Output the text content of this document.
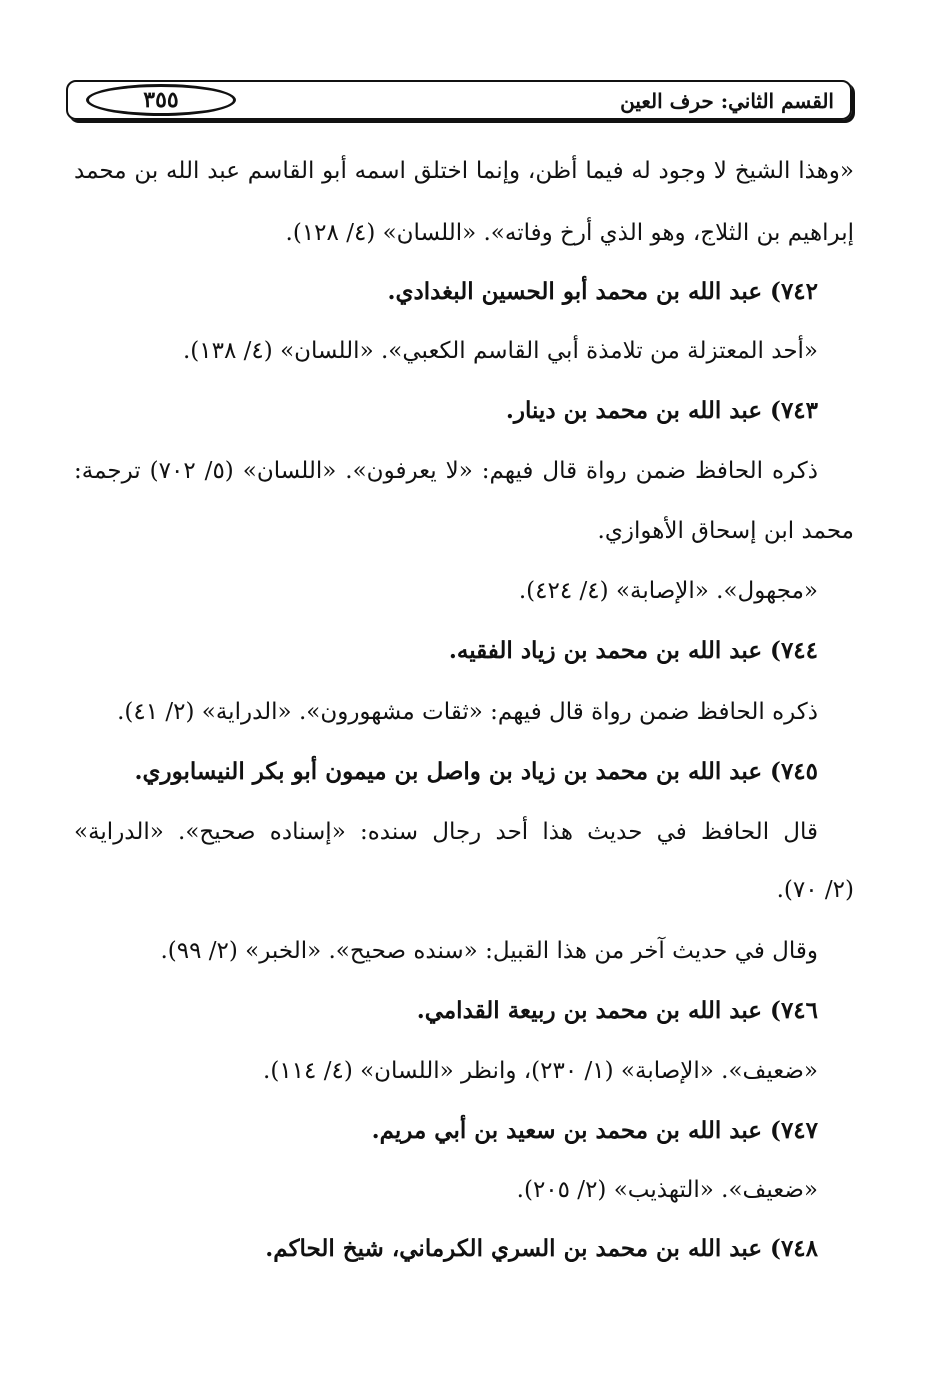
القسم الثاني: حرف العين
٣٥٥
«وهذا الشيخ لا وجود له فيما أظن، وإنما اختلق اسمه أبو القاسم عبد الله بن محمد
إبراهيم بن الثلاج، وهو الذي أرخ وفاته». «اللسان» (٤/ ١٢٨).
٧٤٢) عبد الله بن محمد أبو الحسين البغدادي.
«أحد المعتزلة من تلامذة أبي القاسم الكعبي». «اللسان» (٤/ ١٣٨).
٧٤٣) عبد الله بن محمد بن دينار.
ذكره الحافظ ضمن رواة قال فيهم: «لا يعرفون». «اللسان» (٥/ ٧٠٢) ترجمة:
محمد ابن إسحاق الأهوازي.
«مجهول». «الإصابة» (٤/ ٤٢٤).
٧٤٤) عبد الله بن محمد بن زياد الفقيه.
ذكره الحافظ ضمن رواة قال فيهم: «ثقات مشهورون». «الدراية» (٢/ ٤١).
٧٤٥) عبد الله بن محمد بن زياد بن واصل بن ميمون أبو بكر النيسابوري.
قال الحافظ في حديث هذا أحد رجال سنده: «إسناده صحيح». «الدراية»
(٢/ ٧٠).
وقال في حديث آخر من هذا القبيل: «سنده صحيح». «الخبر» (٢/ ٩٩).
٧٤٦) عبد الله بن محمد بن ربيعة القدامي.
«ضعيف». «الإصابة» (١/ ٢٣٠)، وانظر «اللسان» (٤/ ١١٤).
٧٤٧) عبد الله بن محمد بن سعيد بن أبي مريم.
«ضعيف». «التهذيب» (٢/ ٢٠٥).
٧٤٨) عبد الله بن محمد بن السري الكرماني، شيخ الحاكم.
